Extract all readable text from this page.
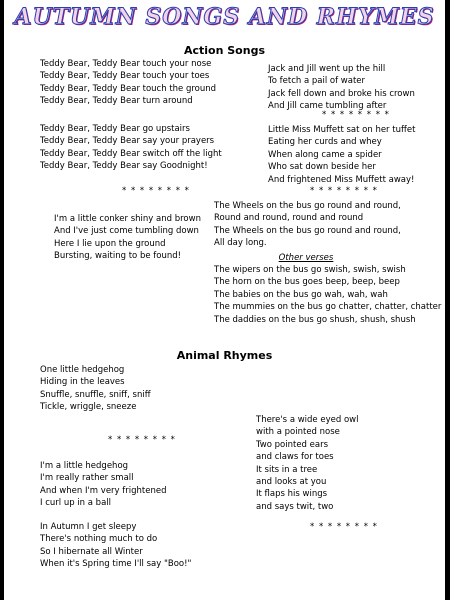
AUTUMN SONGS AND RHYMES
Action Songs
Teddy Bear, Teddy Bear touch your nose
Teddy Bear, Teddy Bear touch your toes
Teddy Bear, Teddy Bear touch the ground
Teddy Bear, Teddy Bear turn around
Teddy Bear, Teddy Bear go upstairs
Teddy Bear, Teddy Bear say your prayers
Teddy Bear, Teddy Bear switch off the light
Teddy Bear, Teddy Bear say Goodnight!
Jack and Jill went up the hill
To fetch a pail of water
Jack fell down and broke his crown
And Jill came tumbling after
* * * * * * * *
Little Miss Muffett sat on her tuffet
Eating her curds and whey
When along came a spider
Who sat down beside her
And frightened Miss Muffett away!
* * * * * * * *	* * * * * * * *
I'm a little conker shiny and brown
And I've just come tumbling down
Here I lie upon the ground
Bursting, waiting to be found!
The Wheels on the bus go round and round,
Round and round, round and round
The Wheels on the bus go round and round,
All day long.
Other verses
The wipers on the bus go swish, swish, swish
The horn on the bus goes beep, beep, beep
The babies on the bus go wah, wah, wah
The mummies on the bus go chatter, chatter, chatter
The daddies on the bus go shush, shush, shush
Animal Rhymes
One little hedgehog
Hiding in the leaves
Snuffle, snuffle, sniff, sniff
Tickle, wriggle, sneeze
* * * * * * * *
I'm a little hedgehog
I'm really rather small
And when I'm very frightened
I curl up in a ball
In Autumn I get sleepy
There's nothing much to do
So I hibernate all Winter
When it's Spring time I'll say "Boo!"
There's a wide eyed owl
with a pointed nose
Two pointed ears
and claws for toes
It sits in a tree
and looks at you
It flaps his wings
and says twit, two
* * * * * * * *
